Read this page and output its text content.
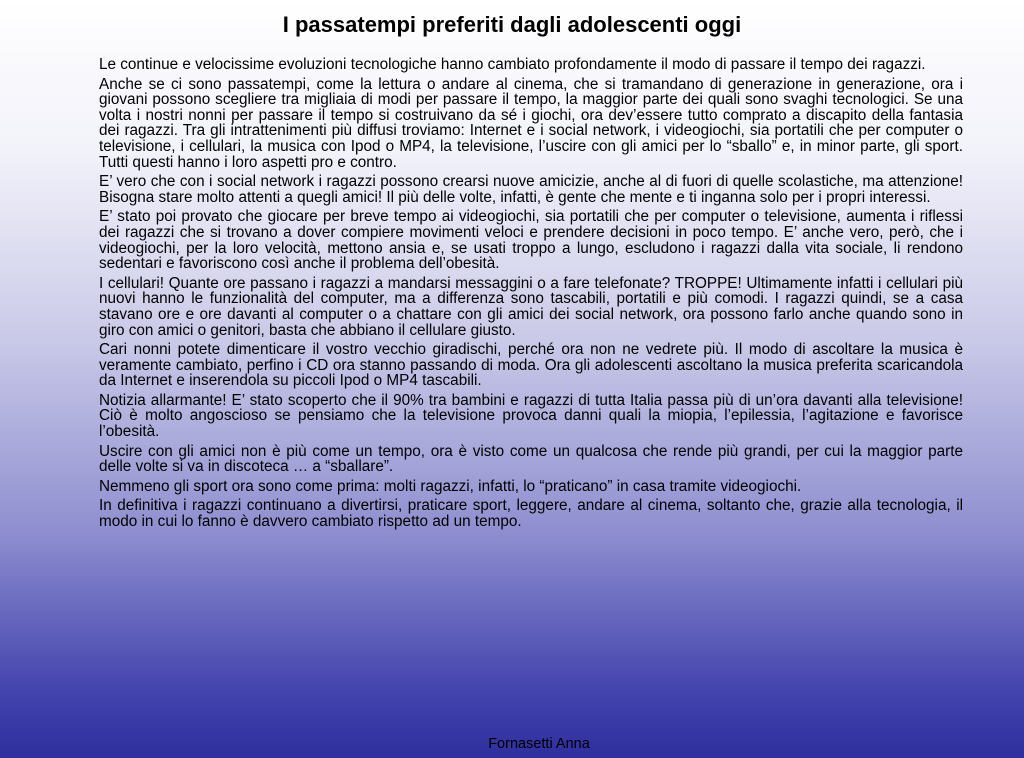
I passatempi preferiti dagli adolescenti oggi

Le continue e velocissime evoluzioni tecnologiche hanno cambiato profondamente il modo di passare il tempo dei ragazzi.

Anche se ci sono passatempi, come la lettura o andare al cinema, che si tramandano di generazione in generazione, ora i giovani possono scegliere tra migliaia di modi per passare il tempo, la maggior parte dei quali sono svaghi tecnologici. Se una volta i nostri nonni per passare il tempo si costruivano da sé i giochi, ora dev’essere tutto comprato a discapito della fantasia dei ragazzi. Tra gli intrattenimenti più diffusi troviamo: Internet e i social network, i videogiochi, sia portatili che per computer o televisione, i cellulari, la musica con Ipod o MP4, la televisione, l’uscire con gli amici per lo “sballo” e, in minor parte, gli sport. Tutti questi hanno i loro aspetti pro e contro.

E’ vero che con i social network i ragazzi possono crearsi nuove amicizie, anche al di fuori di quelle scolastiche, ma attenzione! Bisogna stare molto attenti a quegli amici! Il più delle volte, infatti, è gente che mente e ti inganna solo per i propri interessi.

E’ stato poi provato che giocare per breve tempo ai videogiochi, sia portatili che per computer o televisione, aumenta i riflessi dei ragazzi che si trovano a dover compiere movimenti veloci e prendere decisioni in poco tempo. E’ anche vero, però, che i videogiochi, per la loro velocità, mettono ansia e, se usati troppo a lungo, escludono i ragazzi dalla vita sociale, li rendono sedentari e favoriscono così anche il problema dell’obesità.

I cellulari! Quante ore passano i ragazzi a mandarsi messaggini o a fare telefonate? TROPPE! Ultimamente infatti i cellulari più nuovi hanno le funzionalità del computer, ma a differenza sono tascabili, portatili e più comodi. I ragazzi quindi, se a casa stavano ore e ore davanti al computer o a chattare con gli amici dei social network, ora possono farlo anche quando sono in giro con amici o genitori, basta che abbiano il cellulare giusto.

Cari nonni potete dimenticare il vostro vecchio giradischi, perché ora non ne vedrete più. Il modo di ascoltare la musica è veramente cambiato, perfino i CD ora stanno passando di moda. Ora gli adolescenti ascoltano la musica preferita scaricandola da Internet e inserendola su piccoli Ipod o MP4 tascabili.

Notizia allarmante! E’ stato scoperto che il 90% tra bambini e ragazzi di tutta Italia passa più di un’ora davanti alla televisione! Ciò è molto angoscioso se pensiamo che la televisione provoca danni quali la miopia, l’epilessia, l’agitazione e favorisce l’obesità.

Uscire con gli amici non è più come un tempo, ora è visto come un qualcosa che rende più grandi, per cui la maggior parte delle volte si va in discoteca … a “sballare”.

Nemmeno gli sport ora sono come prima: molti ragazzi, infatti, lo “praticano” in casa tramite videogiochi.

In definitiva i ragazzi continuano a divertirsi, praticare sport, leggere, andare al cinema, soltanto che, grazie alla tecnologia, il modo in cui lo fanno è davvero cambiato rispetto ad un tempo.

Fornasetti Anna
